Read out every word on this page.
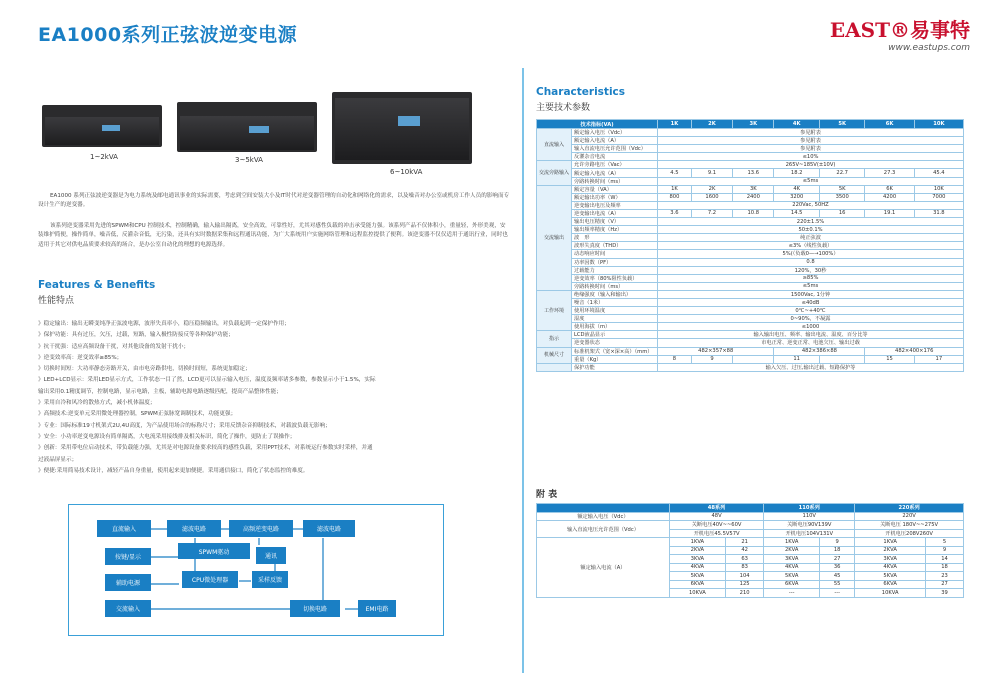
EA1000系列正弦波逆变电源	EAST®易事特
www.eastups.com
1~2kVA	3~5kVA
6~10kVA
EA1000 系列正弦波逆变器是为电力系统及邮电通讯事业的实际需要，考虑到空间安装大小及IT时代对逆变器管理的自动化和网络化的需求，以及噪音对办公室或机房工作人员的影响而专设计生产的逆变器。
该系列逆变器采用先进的SPWM和CPU 控制技术，控制精确，输入输出隔离，安全高效，可靠性好，尤其对感性负载的冲击承受能力强。该系列产品不仅体积小，重量轻，外形美观，安装维护简便，操作简单，噪音低，反灌杂音低，无污染，还具有实时数据采集和远程通讯功能，为广大系统用户实施网络管理和远程监控提供了便利。该逆变器不仅仅适用于通讯行业，同时也适用于其它对供电品质要求较高的场合，是办公室自动化的理想的电源选择。
Features & Benefits
性能特点
》稳定输出：输出无瞬变纯净正弦波电源，波形失真率小，稳压稳频输出，对负载起到一定保护作用；
》保护功能：具有过压，欠压，过载，短路，输入极性防接反等各种保护功能；
》抗干扰强：适应高频设备干扰，对其他设备的发射干扰小；
》逆变效率高：逆变效率≥85%；
》切换时间短：大功率静态旁路开关，由市电旁路供电，切换时间短，系统更加稳定；
》LED+LCD显示：采用LED显示方式，工作状态一目了然，LCD更可以显示输入电压，温度及频率诸多参数，参数显示小于1.5%，实际
输出采用0.1精度调节，控制电路，显示电路，主板，辅助电源电路逐级匹配，提高产品整体性能；
》采用自冷和风冷的散热方式，减小机体温度；
》高频技术:逆变单元采用微处理器控制，SPWM正弦脉宽调制技术，功能更强；
》专业：国际标准19寸机架式2U,4U高度，为产品使用场合的标称尺寸；采用反馈杂音抑制技术，对载波负载无影响；
》安全：小功率逆变电源设有简单隔离，大电流采用接线排及相关标识，简化了操作，更防止了误操作；
》创新：采用带电位启动技术，带负载能力强，尤其是对电源设备要求较高的感性负载，采用PPT技术，对系统运行参数实时采样，并通
过液晶屏显示；
》便捷:采用简易技术设计，减轻产品自身重量，使用起来更加便捷。采用通信接口，简化了状态监控的难度。
直流输入	滤波电路	高频逆变电路	滤波电路
按键/显示
SPWM驱动
通讯
辅助电源	CPU微处理器	采样反馈
交流输入	切换电路	EMI电路
Characteristics
主要技术参数
技术指标(VA)		1K	2K	3K	4K	5K	6K	10K
直流输入	额定输入电压（Vdc）	参见附表						
	额定输入电流（A）	参见附表						
	输入直流电压允许范围（Vdc）	参见附表						
	反灌杂音电流	≤10%						
交流旁路输入	允许旁路电压（Vac）	265V~185V(±10V)						
	额定输入电流（A）	4.5	9.1	13.6	18.2	22.7	27.3	45.4
	旁路转换时间（ms）	≤5ms						
交流输出	额定容量（VA）	1K	2K	3K	4K	5K	6K	10K
	额定输出功率（W）	800	1600	2400	3200	3500	4200	7000
	逆变输出电压及频率	220Vac, 50HZ						
	逆变输出电流（A）	3.6	7.2	10.8	14.5	16	19.1	31.8
	输出电压精度（V）	220±1.5%						
	输出频率精度（Hz）	50±0.1%						
	波　形	纯正弦波						
	波形失真度（THD）	≤3%（线性负载）						
	动态响应时间	5%(（负载0—→100%）						
	功率因数（PF）	0.8						
	过载能力	120%，30秒						
	逆变效率（80%阻性负载）	≥85%						
	旁路转换时间（ms）	≤5ms						
工作环境	绝缘强度（输入和输出）	1500Vac, 1分钟						
	噪音（1米）	≤40dB						
	使用环境温度	0℃~+40℃						
	湿度	0~90%，不凝露						
	使用海拔（m）	≤1000						
指示	LCD液晶显示	输入输出电压、频率、输出电流、温度、百分比等						
	逆变器状态	市电正常、逆变正常、电池欠压、输出过载						
机械尺寸	标准机架式（宽×深×高）（mm）	482×357×88			482×386×88		482×400×176	
	重量（Kg）	8	9		11		15	17
	保护功能	输入欠压、过压,输出过载、短路保护等						
附 表
	48系列		110系列		220系列	
额定输入电压（Vdc）	48V		110V		220V	
输入直流电压允许范围（Vdc）	关断电压40V~~60V		关断电压90V139V		关断电压 180V~~275V	
	开机电压45.5V57V		开机电压104V131V		开机电压208V260V	
额定输入电流（A）	1KVA	21	1KVA	9	1KVA	5
	2KVA	42	2KVA	18	2KVA	9
	3KVA	63	3KVA	27	3KVA	14
	4KVA	83	4KVA	36	4KVA	18
	5KVA	104	5KVA	45	5KVA	23
	6KVA	125	6KVA	55	6KVA	27
	10KVA	210	---	---	10KVA	39
